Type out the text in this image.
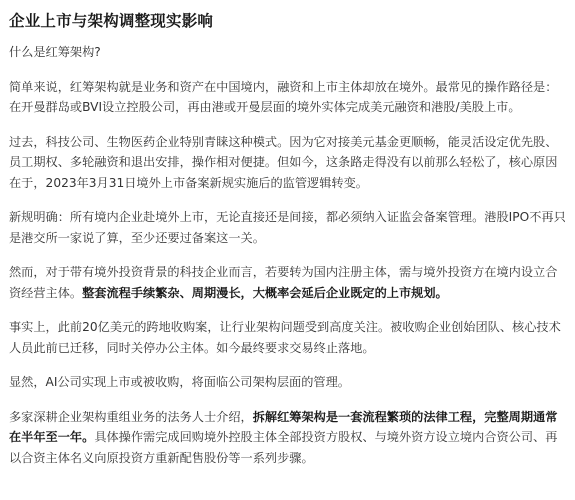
企业上市与架构调整现实影响

什么是红筹架构?

简单来说，红筹架构就是业务和资产在中国境内，融资和上市主体却放在境外。最常见的操作路径是：在开曼群岛或BVI设立控股公司，再由港或开曼层面的境外实体完成美元融资和港股/美股上市。

过去，科技公司、生物医药企业特别青睐这种模式。因为它对接美元基金更顺畅，能灵活设定优先股、员工期权、多轮融资和退出安排，操作相对便捷。但如今，这条路走得没有以前那么轻松了，核心原因在于，2023年3月31日境外上市备案新规实施后的监管逻辑转变。

新规明确：所有境内企业赴境外上市，无论直接还是间接，都必须纳入证监会备案管理。港股IPO不再只是港交所一家说了算，至少还要过备案这一关。

然而，对于带有境外投资背景的科技企业而言，若要转为国内注册主体，需与境外投资方在境内设立合资经营主体。整套流程手续繁杂、周期漫长，大概率会延后企业既定的上市规划。

事实上，此前20亿美元的跨地收购案，让行业架构问题受到高度关注。被收购企业创始团队、核心技术人员此前已迁移，同时关停办公主体。如今最终要求交易终止落地。

显然，AI公司实现上市或被收购，将面临公司架构层面的管理。

多家深耕企业架构重组业务的法务人士介绍，拆解红筹架构是一套流程繁琐的法律工程，完整周期通常在半年至一年。具体操作需完成回购境外控股主体全部投资方股权、与境外资方设立境内合资公司、再以合资主体名义向原投资方重新配售股份等一系列步骤。
